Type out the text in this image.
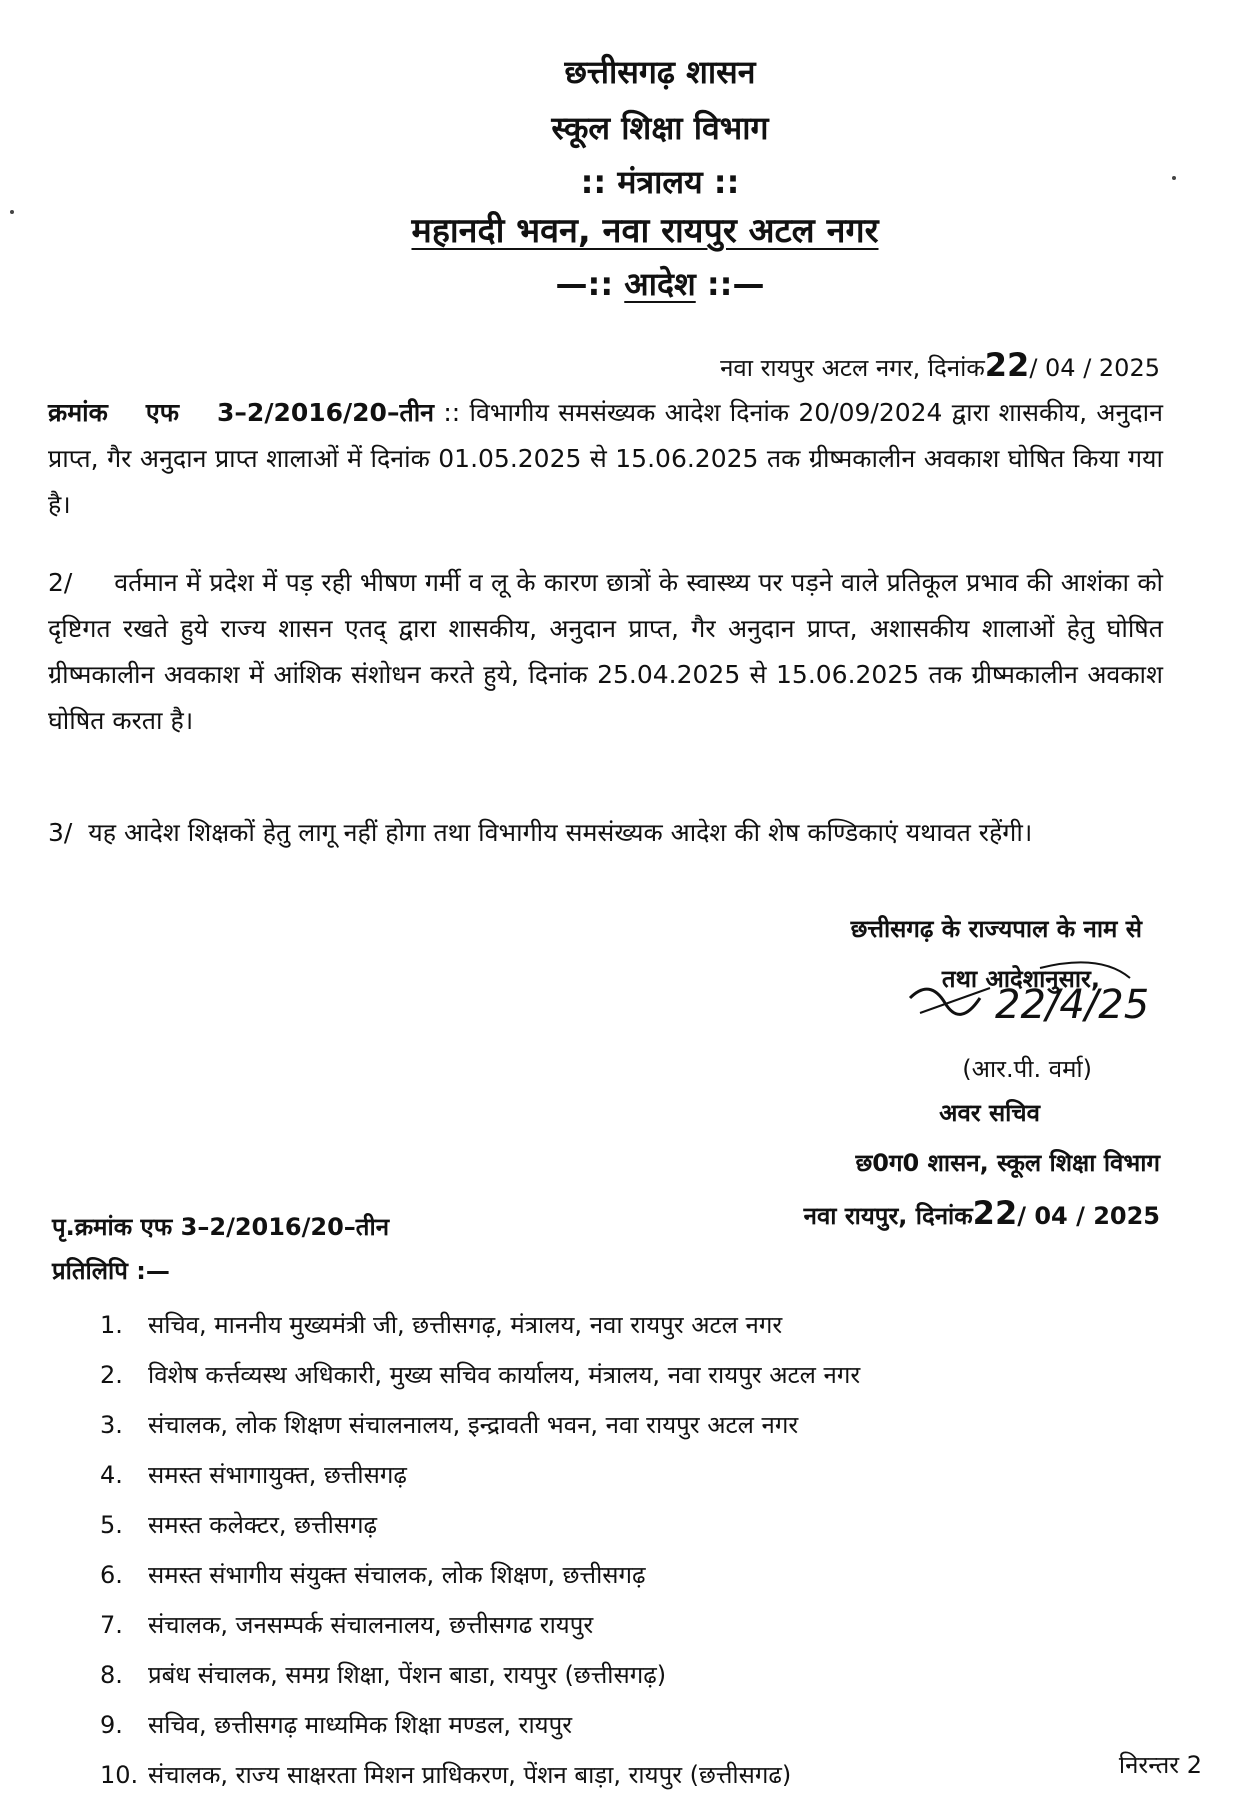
छत्तीसगढ़ शासन
स्कूल शिक्षा विभाग
:: मंत्रालय ::
महानदी भवन, नवा रायपुर अटल नगर
—:: आदेश ::—
नवा रायपुर अटल नगर, दिनांक22/ 04 / 2025
क्रमांक एफ 3–2/2016/20–तीन :: विभागीय समसंख्यक आदेश दिनांक 20/09/2024 द्वारा शासकीय, अनुदान प्राप्त, गैर अनुदान प्राप्त शालाओं में दिनांक 01.05.2025 से 15.06.2025 तक ग्रीष्मकालीन अवकाश घोषित किया गया है।
2/ वर्तमान में प्रदेश में पड़ रही भीषण गर्मी व लू के कारण छात्रों के स्वास्थ्य पर पड़ने वाले प्रतिकूल प्रभाव की आशंका को दृष्टिगत रखते हुये राज्य शासन एतद् द्वारा शासकीय, अनुदान प्राप्त, गैर अनुदान प्राप्त, अशासकीय शालाओं हेतु घोषित ग्रीष्मकालीन अवकाश में आंशिक संशोधन करते हुये, दिनांक 25.04.2025 से 15.06.2025 तक ग्रीष्मकालीन अवकाश घोषित करता है।
3/ यह आदेश शिक्षकों हेतु लागू नहीं होगा तथा विभागीय समसंख्यक आदेश की शेष कण्डिकाएं यथावत रहेंगी।
छत्तीसगढ़ के राज्यपाल के नाम से
तथा आदेशानुसार,
22/4/25
(आर.पी. वर्मा)
अवर सचिव
छ0ग0 शासन, स्कूल शिक्षा विभाग
नवा रायपुर, दिनांक22/ 04 / 2025
पृ.क्रमांक एफ 3–2/2016/20–तीन
प्रतिलिपि :—
1. सचिव, माननीय मुख्यमंत्री जी, छत्तीसगढ़, मंत्रालय, नवा रायपुर अटल नगर
2. विशेष कर्त्तव्यस्थ अधिकारी, मुख्य सचिव कार्यालय, मंत्रालय, नवा रायपुर अटल नगर
3. संचालक, लोक शिक्षण संचालनालय, इन्द्रावती भवन, नवा रायपुर अटल नगर
4. समस्त संभागायुक्त, छत्तीसगढ़
5. समस्त कलेक्टर, छत्तीसगढ़
6. समस्त संभागीय संयुक्त संचालक, लोक शिक्षण, छत्तीसगढ़
7. संचालक, जनसम्पर्क संचालनालय, छत्तीसगढ रायपुर
8. प्रबंध संचालक, समग्र शिक्षा, पेंशन बाडा, रायपुर (छत्तीसगढ़)
9. सचिव, छत्तीसगढ़ माध्यमिक शिक्षा मण्डल, रायपुर
10. संचालक, राज्य साक्षरता मिशन प्राधिकरण, पेंशन बाड़ा, रायपुर (छत्तीसगढ)	निरन्तर 2
